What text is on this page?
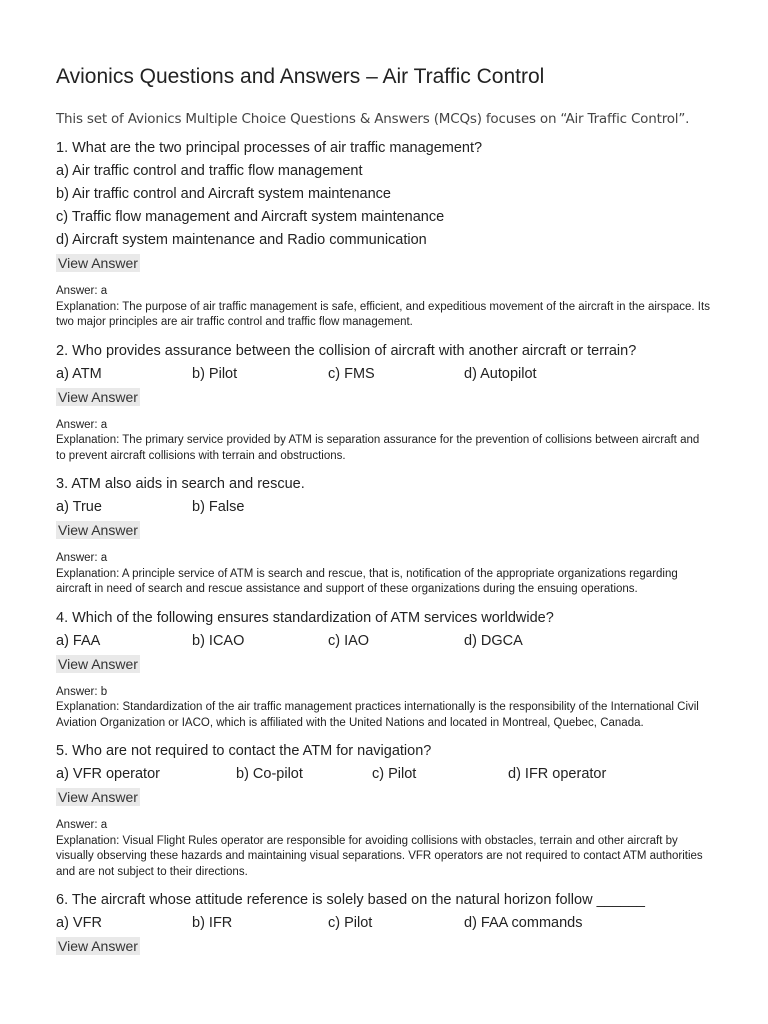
Avionics Questions and Answers – Air Traffic Control
This set of Avionics Multiple Choice Questions & Answers (MCQs) focuses on “Air Traffic Control”.
1. What are the two principal processes of air traffic management?
a) Air traffic control and traffic flow management
b) Air traffic control and Aircraft system maintenance
c) Traffic flow management and Aircraft system maintenance
d) Aircraft system maintenance and Radio communication
View Answer
Answer: a
Explanation: The purpose of air traffic management is safe, efficient, and expeditious movement of the aircraft in the airspace. Its two major principles are air traffic control and traffic flow management.
2. Who provides assurance between the collision of aircraft with another aircraft or terrain?
a) ATM	b) Pilot	c) FMS	d) Autopilot
View Answer
Answer: a
Explanation: The primary service provided by ATM is separation assurance for the prevention of collisions between aircraft and to prevent aircraft collisions with terrain and obstructions.
3. ATM also aids in search and rescue.
a) True	b) False
View Answer
Answer: a
Explanation: A principle service of ATM is search and rescue, that is, notification of the appropriate organizations regarding aircraft in need of search and rescue assistance and support of these organizations during the ensuing operations.
4. Which of the following ensures standardization of ATM services worldwide?
a) FAA	b) ICAO	c) IAO	d) DGCA
View Answer
Answer: b
Explanation: Standardization of the air traffic management practices internationally is the responsibility of the International Civil Aviation Organization or IACO, which is affiliated with the United Nations and located in Montreal, Quebec, Canada.
5. Who are not required to contact the ATM for navigation?
a) VFR operator	b) Co-pilot	c) Pilot	d) IFR operator
View Answer
Answer: a
Explanation: Visual Flight Rules operator are responsible for avoiding collisions with obstacles, terrain and other aircraft by visually observing these hazards and maintaining visual separations. VFR operators are not required to contact ATM authorities and are not subject to their directions.
6. The aircraft whose attitude reference is solely based on the natural horizon follow ______
a) VFR	b) IFR	c) Pilot	d) FAA commands
View Answer
